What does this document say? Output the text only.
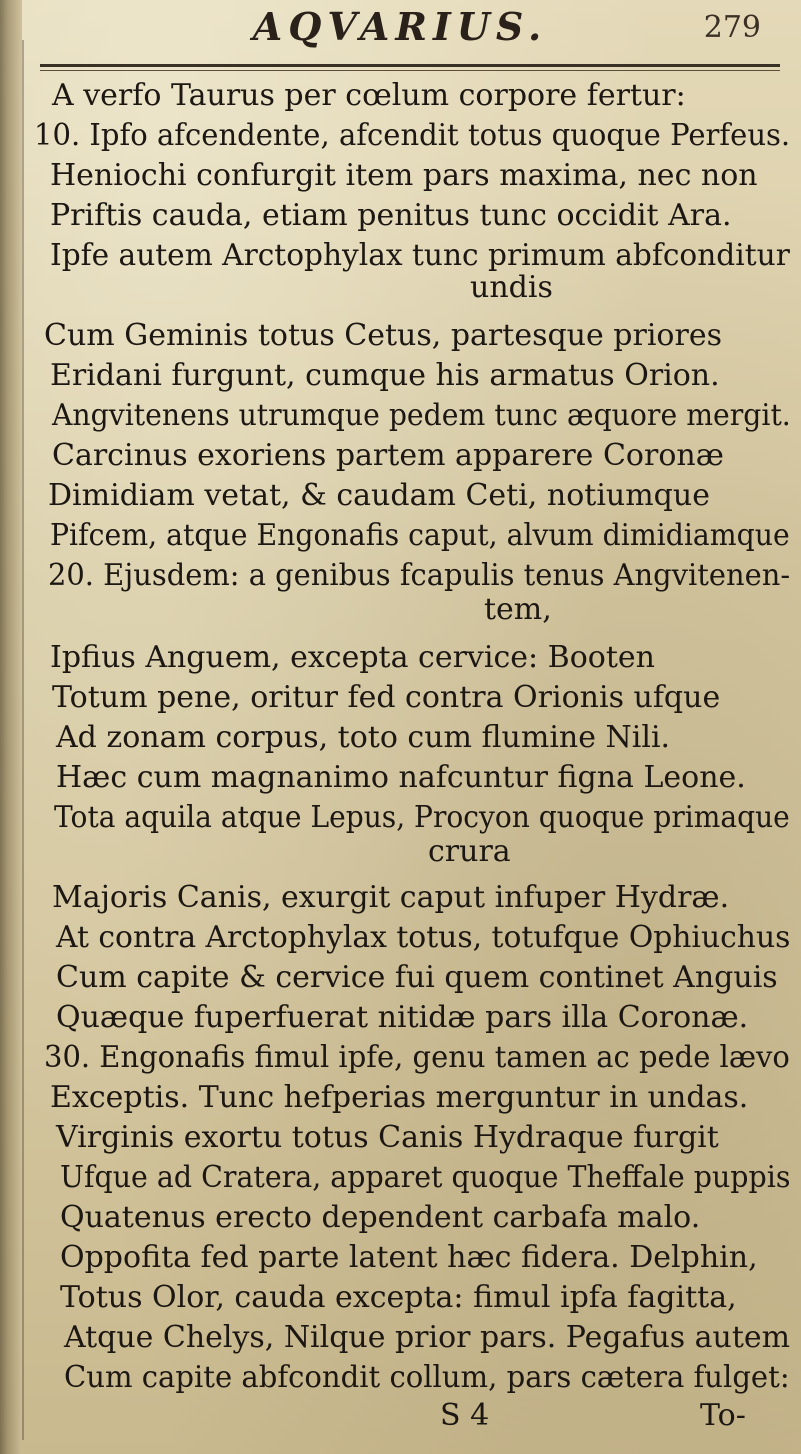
AQVARIUS.	279
A verfo Taurus per cœlum corpore fertur:
10. Ipfo afcendente, afcendit totus quoque Perfeus.
Heniochi confurgit item pars maxima, nec non
Priftis cauda, etiam penitus tunc occidit Ara.
Ipfe autem Arctophylax tunc primum abfconditur
undis
Cum Geminis totus Cetus, partesque priores
Eridani furgunt, cumque his armatus Orion.
Angvitenens utrumque pedem tunc æquore mergit.
Carcinus exoriens partem apparere Coronæ
Dimidiam vetat, & caudam Ceti, notiumque
Pifcem, atque Engonafis caput, alvum dimidiamque
20. Ejusdem: a genibus fcapulis tenus Angvitenen-
tem,
Ipfius Anguem, excepta cervice: Booten
Totum pene, oritur fed contra Orionis ufque
Ad zonam corpus, toto cum flumine Nili.
Hæc cum magnanimo nafcuntur figna Leone.
Tota aquila atque Lepus, Procyon quoque primaque
crura
Majoris Canis, exurgit caput infuper Hydræ.
At contra Arctophylax totus, totufque Ophiuchus
Cum capite & cervice fui quem continet Anguis
Quæque fuperfuerat nitidæ pars illa Coronæ.
30. Engonafis fimul ipfe, genu tamen ac pede lævo
Exceptis. Tunc hefperias merguntur in undas.
Virginis exortu totus Canis Hydraque furgit
Ufque ad Cratera, apparet quoque Theffale puppis
Quatenus erecto dependent carbafa malo.
Oppofita fed parte latent hæc fidera. Delphin,
Totus Olor, cauda excepta: fimul ipfa fagitta,
Atque Chelys, Nilque prior pars. Pegafus autem
Cum capite abfcondit collum, pars cætera fulget:
S 4	To-
